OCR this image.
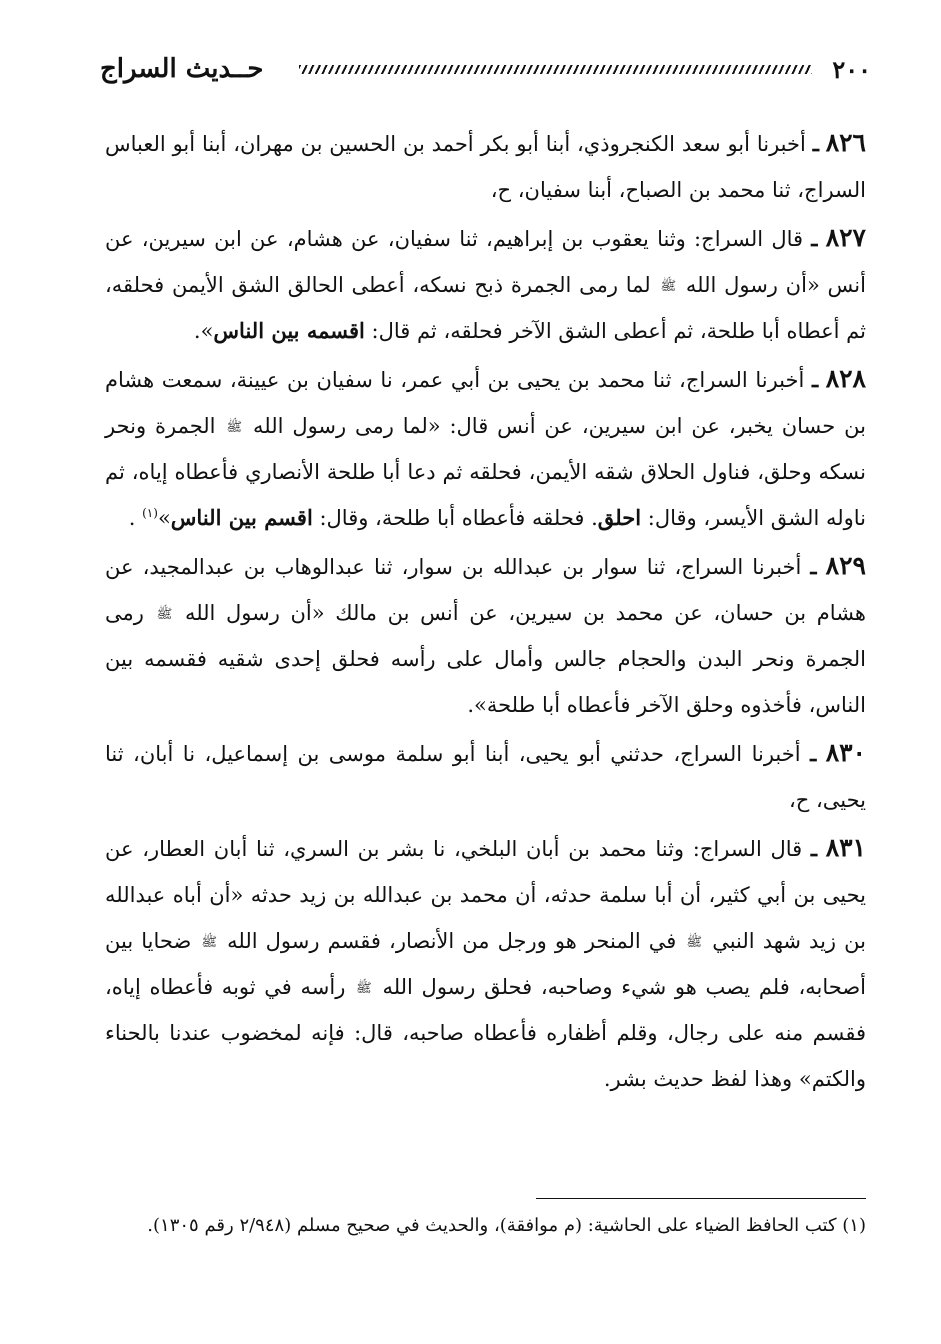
٢٠٠
حــديث السراج

٨٢٦ ـ أخبرنا أبو سعد الكنجروذي، أبنا أبو بكر أحمد بن الحسين بن مهران، أبنا أبو العباس السراج، ثنا محمد بن الصباح، أبنا سفيان، ح،

٨٢٧ ـ قال السراج: وثنا يعقوب بن إبراهيم، ثنا سفيان، عن هشام، عن ابن سيرين، عن أنس «أن رسول الله ﷺ لما رمى الجمرة ذبح نسكه، أعطى الحالق الشق الأيمن فحلقه، ثم أعطاه أبا طلحة، ثم أعطى الشق الآخر فحلقه، ثم قال: اقسمه بين الناس».

٨٢٨ ـ أخبرنا السراج، ثنا محمد بن يحيى بن أبي عمر، نا سفيان بن عيينة، سمعت هشام بن حسان يخبر، عن ابن سيرين، عن أنس قال: «لما رمى رسول الله ﷺ الجمرة ونحر نسكه وحلق، فناول الحلاق شقه الأيمن، فحلقه ثم دعا أبا طلحة الأنصاري فأعطاه إياه، ثم ناوله الشق الأيسر، وقال: احلق. فحلقه فأعطاه أبا طلحة، وقال: اقسم بين الناس»$^{(١)}$ .

٨٢٩ ـ أخبرنا السراج، ثنا سوار بن عبدالله بن سوار، ثنا عبدالوهاب بن عبدالمجيد، عن هشام بن حسان، عن محمد بن سيرين، عن أنس بن مالك «أن رسول الله ﷺ رمى الجمرة ونحر البدن والحجام جالس وأمال على رأسه فحلق إحدى شقيه فقسمه بين الناس، فأخذوه وحلق الآخر فأعطاه أبا طلحة».

٨٣٠ ـ أخبرنا السراج، حدثني أبو يحيى، أبنا أبو سلمة موسى بن إسماعيل، نا أبان، ثنا يحيى، ح،

٨٣١ ـ قال السراج: وثنا محمد بن أبان البلخي، نا بشر بن السري، ثنا أبان العطار، عن يحيى بن أبي كثير، أن أبا سلمة حدثه، أن محمد بن عبدالله بن زيد حدثه «أن أباه عبدالله بن زيد شهد النبي ﷺ في المنحر هو ورجل من الأنصار، فقسم رسول الله ﷺ ضحايا بين أصحابه، فلم يصب هو شيء وصاحبه، فحلق رسول الله ﷺ رأسه في ثوبه فأعطاه إياه، فقسم منه على رجال، وقلم أظفاره فأعطاه صاحبه، قال: فإنه لمخضوب عندنا بالحناء والكتم» وهذا لفظ حديث بشر.

(١) كتب الحافظ الضياء على الحاشية: (م موافقة)، والحديث في صحيح مسلم (٢/٩٤٨ رقم ١٣٠٥).
